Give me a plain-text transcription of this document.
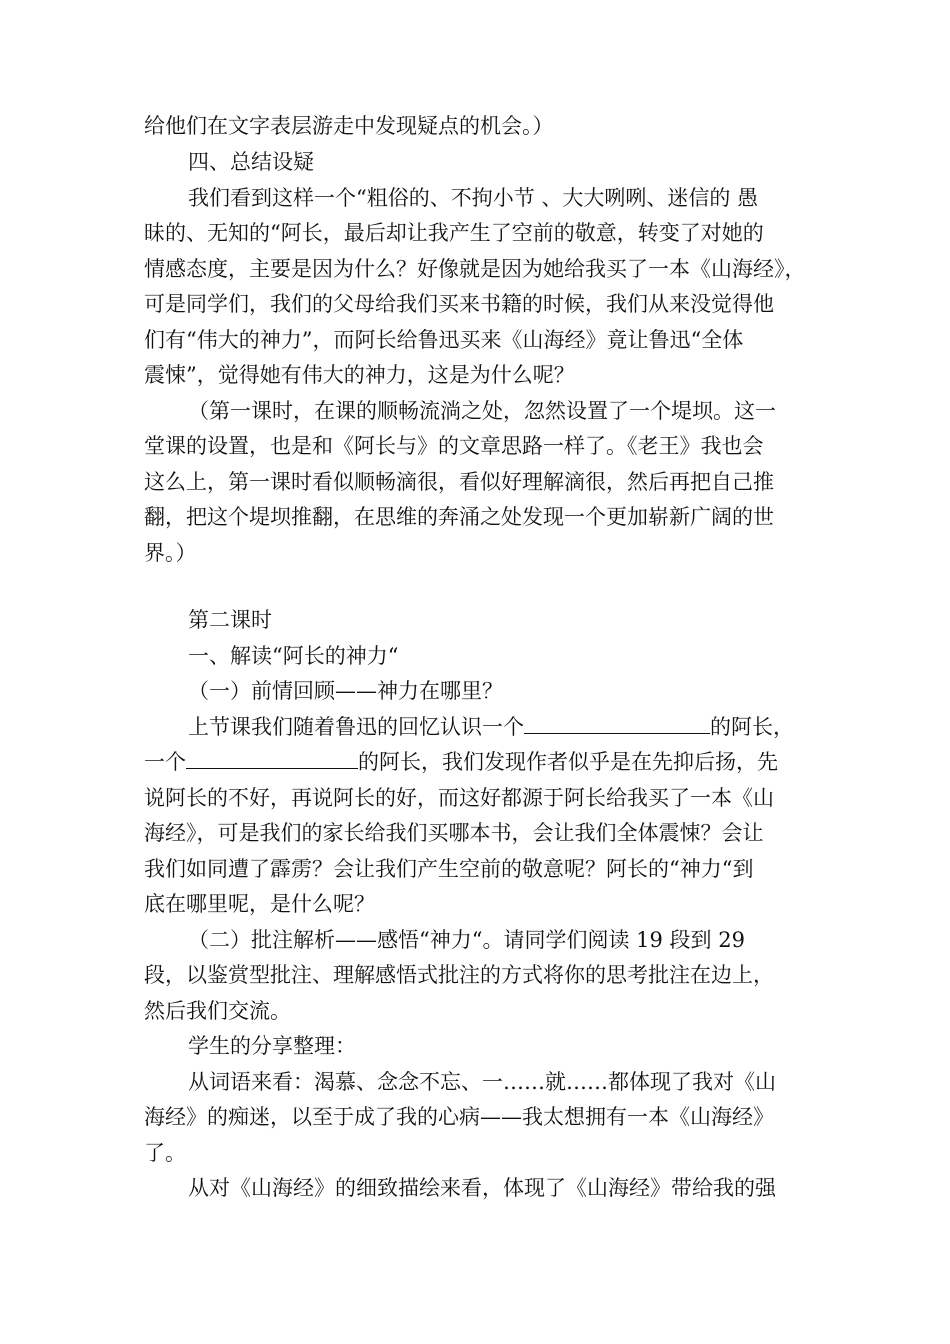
给他们在文字表层游走中发现疑点的机会。）
四、总结设疑
我们看到这样一个“粗俗的、不拘小节 、大大咧咧、迷信的 愚
昧的、无知的“阿长，最后却让我产生了空前的敬意，转变了对她的
情感态度，主要是因为什么？好像就是因为她给我买了一本《山海经》，
可是同学们，我们的父母给我们买来书籍的时候，我们从来没觉得他
们有“伟大的神力”，而阿长给鲁迅买来《山海经》竟让鲁迅“全体
震悚”，觉得她有伟大的神力，这是为什么呢？
（第一课时，在课的顺畅流淌之处，忽然设置了一个堤坝。这一
堂课的设置，也是和《阿长与》的文章思路一样了。《老王》我也会
这么上，第一课时看似顺畅滴很，看似好理解滴很，然后再把自己推
翻，把这个堤坝推翻，在思维的奔涌之处发现一个更加崭新广阔的世
界。）
第二课时
一、解读“阿长的神力“
（一）前情回顾——神力在哪里？
上节课我们随着鲁迅的回忆认识一个	的阿长，
一个	的阿长，我们发现作者似乎是在先抑后扬，先
说阿长的不好，再说阿长的好，而这好都源于阿长给我买了一本《山
海经》，可是我们的家长给我们买哪本书，会让我们全体震悚？会让
我们如同遭了霹雳？会让我们产生空前的敬意呢？阿长的“神力“到
底在哪里呢，是什么呢？
（二）批注解析——感悟“神力“。请同学们阅读 19 段到 29
段，以鉴赏型批注、理解感悟式批注的方式将你的思考批注在边上，
然后我们交流。
学生的分享整理：
从词语来看：渴慕、念念不忘、一……就……都体现了我对《山
海经》的痴迷，以至于成了我的心病——我太想拥有一本《山海经》
了。
从对《山海经》的细致描绘来看，体现了《山海经》带给我的强
